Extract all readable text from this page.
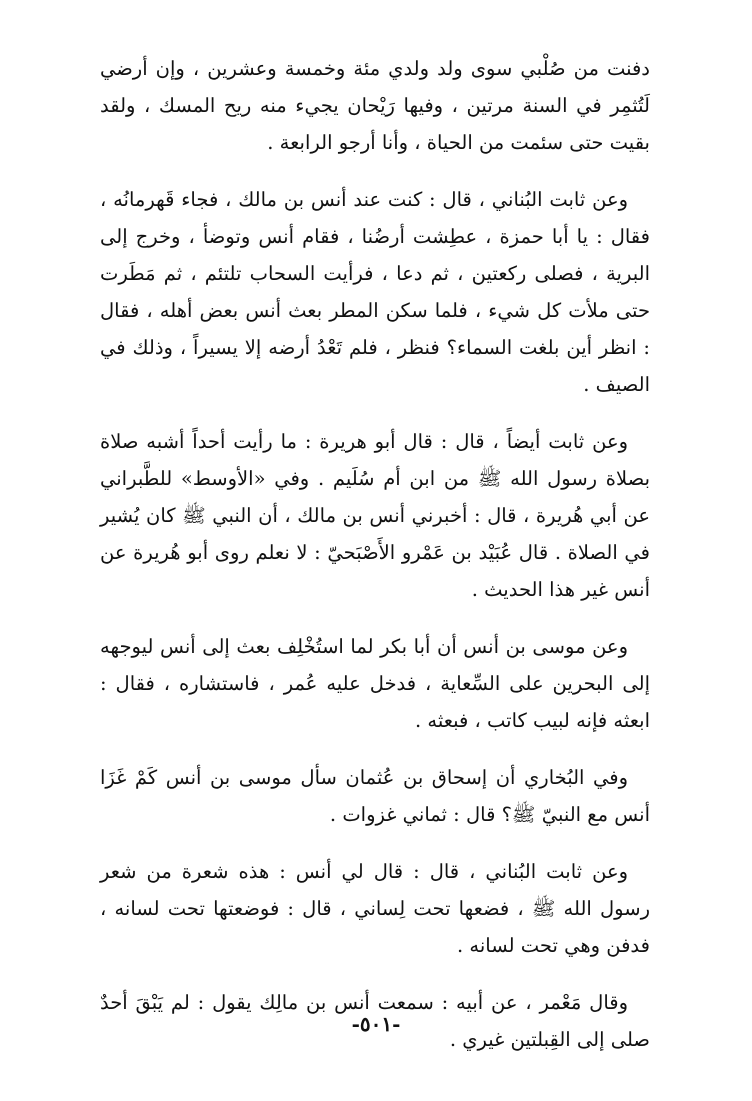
دفنت من صُلْبي سوى ولد ولدي مئة وخمسة وعشرين ، وإن أرضي لَتُثمِر في السنة مرتين ، وفيها رَيْحان يجيء منه ريح المسك ، ولقد بقيت حتى سئمت من الحياة ، وأنا أرجو الرابعة .

وعن ثابت البُناني ، قال : كنت عند أنس بن مالك ، فجاء قَهرمانُه ، فقال : يا أبا حمزة ، عطِشت أرضُنا ، فقام أنس وتوضأ ، وخرج إلى البرية ، فصلى ركعتين ، ثم دعا ، فرأيت السحاب تلتئم ، ثم مَطَرت حتى ملأت كل شيء ، فلما سكن المطر بعث أنس بعض أهله ، فقال : انظر أين بلغت السماء؟ فنظر ، فلم تَعْدُ أرضه إلا يسيراً ، وذلك في الصيف .

وعن ثابت أيضاً ، قال : قال أبو هريرة : ما رأيت أحداً أشبه صلاة بصلاة رسول الله ﷺ من ابن أم سُلَيم . وفي «الأوسط» للطَّبراني عن أبي هُريرة ، قال : أخبرني أنس بن مالك ، أن النبي ﷺ كان يُشير في الصلاة . قال عُبَيْد بن عَمْرو الأَصْبَحيّ : لا نعلم روى أبو هُريرة عن أنس غير هذا الحديث .

وعن موسى بن أنس أن أبا بكر لما استُخْلِف بعث إلى أنس ليوجهه إلى البحرين على السِّعاية ، فدخل عليه عُمر ، فاستشاره ، فقال : ابعثه فإنه لبيب كاتب ، فبعثه .

وفي البُخاري أن إسحاق بن عُثمان سأل موسى بن أنس كَمْ غَزَا أنس مع النبيّ ﷺ؟ قال : ثماني غزوات .

وعن ثابت البُناني ، قال : قال لي أنس : هذه شعرة من شعر رسول الله ﷺ ، فضعها تحت لِساني ، قال : فوضعتها تحت لسانه ، فدفن وهي تحت لسانه .

وقال مَعْمر ، عن أبيه : سمعت أنس بن مالِك يقول : لم يَبْقَ أحدٌ صلى إلى القِبلتين غيري .

-٥٠١-
